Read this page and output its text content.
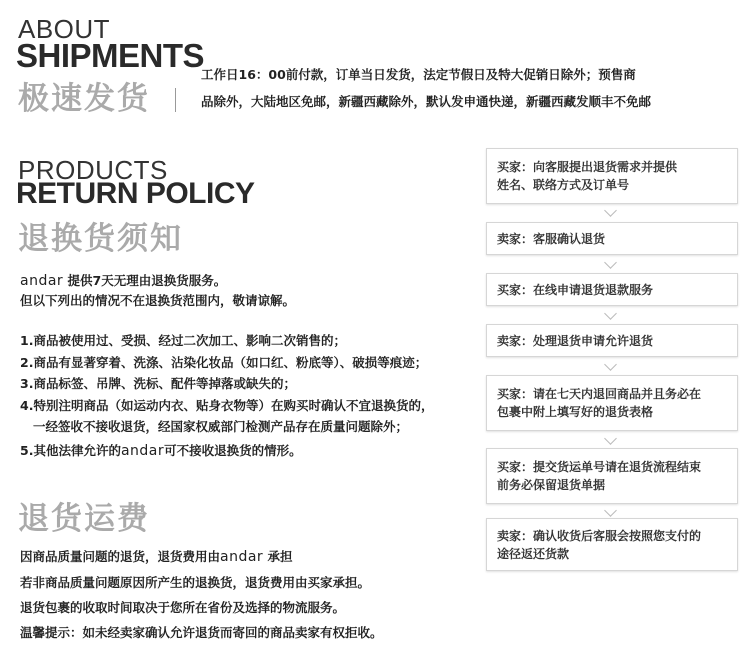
ABOUT
SHIPMENTS
极速发货
工作日16：00前付款，订单当日发货，法定节假日及特大促销日除外；预售商
品除外，大陆地区免邮，新疆西藏除外，默认发申通快递，新疆西藏发顺丰不免邮
PRODUCTS
RETURN POLICY
退换货须知
andar 提供7天无理由退换货服务。
但以下列出的情况不在退换货范围内，敬请谅解。
1.商品被使用过、受损、经过二次加工、影响二次销售的；
2.商品有显著穿着、洗涤、沾染化妆品（如口红、粉底等）、破损等痕迹；
3.商品标签、吊牌、洗标、配件等掉落或缺失的；
4.特别注明商品（如运动内衣、贴身衣物等）在购买时确认不宜退换货的，
一经签收不接收退货，经国家权威部门检测产品存在质量问题除外；
5.其他法律允许的andar可不接收退换货的情形。
退货运费
因商品质量问题的退货，退货费用由andar 承担
若非商品质量问题原因所产生的退换货，退货费用由买家承担。
退货包裹的收取时间取决于您所在省份及选择的物流服务。
温馨提示：如未经卖家确认允许退货而寄回的商品卖家有权拒收。
买家：向客服提出退货需求并提供
姓名、联络方式及订单号
卖家：客服确认退货
买家：在线申请退货退款服务
卖家：处理退货申请允许退货
买家：请在七天内退回商品并且务必在
包裹中附上填写好的退货表格
买家：提交货运单号请在退货流程结束
前务必保留退货单据
卖家：确认收货后客服会按照您支付的
途径返还货款
